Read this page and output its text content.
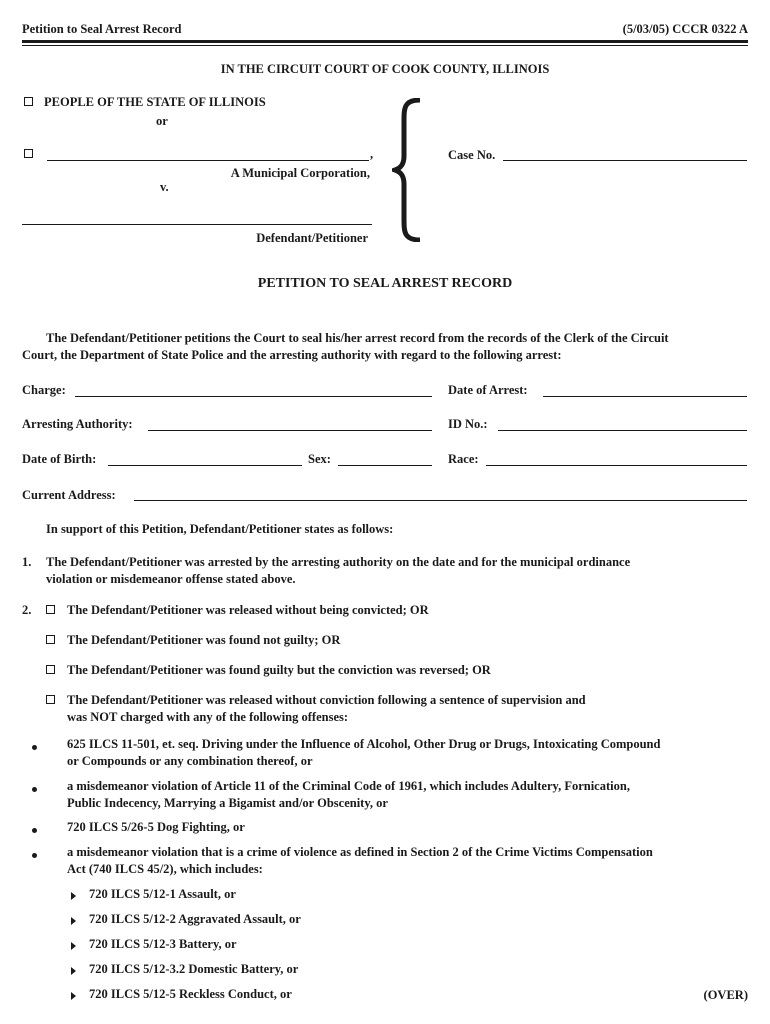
Petition to Seal Arrest Record	(5/03/05) CCCR 0322 A
IN THE CIRCUIT COURT OF COOK COUNTY, ILLINOIS
PEOPLE OF THE STATE OF ILLINOIS
or
,
A Municipal Corporation,
v.
Defendant/Petitioner
Case No.
PETITION TO SEAL ARREST RECORD
The Defendant/Petitioner petitions the Court to seal his/her arrest record from the records of the Clerk of the Circuit
Court, the Department of State Police and the arresting authority with regard to the following arrest:
Charge:	Date of Arrest:
Arresting Authority:	ID No.:
Date of Birth:	Sex:	Race:
Current Address:
In support of this Petition, Defendant/Petitioner states as follows:
1. The Defendant/Petitioner was arrested by the arresting authority on the date and for the municipal ordinance
violation or misdemeanor offense stated above.
2.	The Defendant/Petitioner was released without being convicted; OR
The Defendant/Petitioner was found not guilty; OR
The Defendant/Petitioner was found guilty but the conviction was reversed; OR
The Defendant/Petitioner was released without conviction following a sentence of supervision and
was NOT charged with any of the following offenses:
625 ILCS 11-501, et. seq. Driving under the Influence of Alcohol, Other Drug or Drugs, Intoxicating Compound
or Compounds or any combination thereof, or
a misdemeanor violation of Article 11 of the Criminal Code of 1961, which includes Adultery, Fornication,
Public Indecency, Marrying a Bigamist and/or Obscenity, or
720 ILCS 5/26-5 Dog Fighting, or
a misdemeanor violation that is a crime of violence as defined in Section 2 of the Crime Victims Compensation
Act (740 ILCS 45/2), which includes:
720 ILCS 5/12-1 Assault, or
720 ILCS 5/12-2 Aggravated Assault, or
720 ILCS 5/12-3 Battery, or
720 ILCS 5/12-3.2 Domestic Battery, or
720 ILCS 5/12-5 Reckless Conduct, or	(OVER)
